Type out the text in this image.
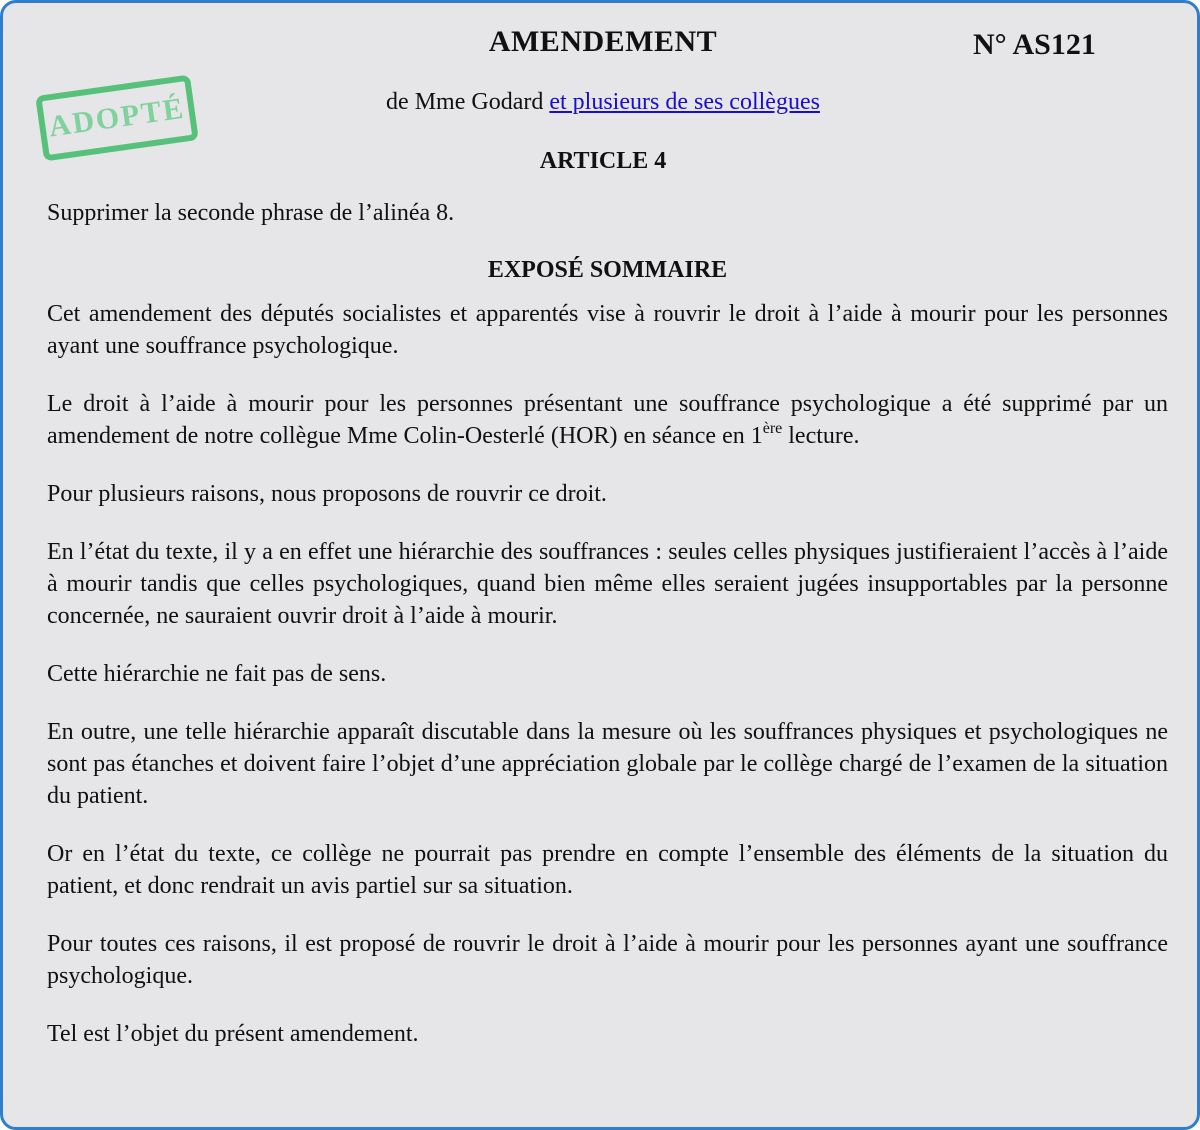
AMENDEMENT	N° AS121
ADOPTÉ	de Mme Godard et plusieurs de ses collègues

ARTICLE 4

Supprimer la seconde phrase de l’alinéa 8.

EXPOSÉ SOMMAIRE

Cet amendement des députés socialistes et apparentés vise à rouvrir le droit à l’aide à mourir pour les personnes ayant une souffrance psychologique.

Le droit à l’aide à mourir pour les personnes présentant une souffrance psychologique a été supprimé par un amendement de notre collègue Mme Colin-Oesterlé (HOR) en séance en 1ère lecture.

Pour plusieurs raisons, nous proposons de rouvrir ce droit.

En l’état du texte, il y a en effet une hiérarchie des souffrances : seules celles physiques justifieraient l’accès à l’aide à mourir tandis que celles psychologiques, quand bien même elles seraient jugées insupportables par la personne concernée, ne sauraient ouvrir droit à l’aide à mourir.

Cette hiérarchie ne fait pas de sens.

En outre, une telle hiérarchie apparaît discutable dans la mesure où les souffrances physiques et psychologiques ne sont pas étanches et doivent faire l’objet d’une appréciation globale par le collège chargé de l’examen de la situation du patient.

Or en l’état du texte, ce collège ne pourrait pas prendre en compte l’ensemble des éléments de la situation du patient, et donc rendrait un avis partiel sur sa situation.

Pour toutes ces raisons, il est proposé de rouvrir le droit à l’aide à mourir pour les personnes ayant une souffrance psychologique.

Tel est l’objet du présent amendement.
